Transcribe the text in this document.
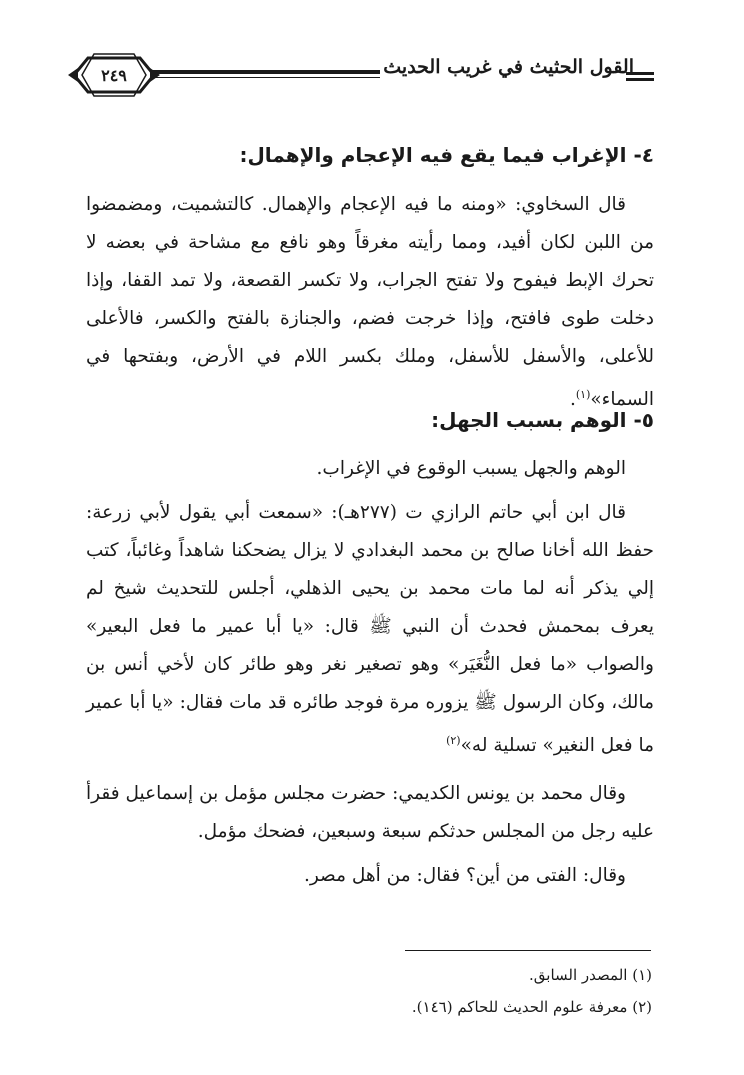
القول الحثيث في غريب الحديث
٢٤٩
٤- الإغراب فيما يقع فيه الإعجام والإهمال:

قال السخاوي: «ومنه ما فيه الإعجام والإهمال. كالتشميت، ومضمضوا من اللبن لكان أفيد، ومما رأيته مغرقاً وهو نافع مع مشاحة في بعضه لا تحرك الإبط فيفوح ولا تفتح الجراب، ولا تكسر القصعة، ولا تمد القفا، وإذا دخلت طوى فافتح، وإذا خرجت فضم، والجنازة بالفتح والكسر، فالأعلى للأعلى، والأسفل للأسفل، وملك بكسر اللام في الأرض، وبفتحها في السماء»$^{(١)}$.

٥- الوهم بسبب الجهل:

الوهم والجهل يسبب الوقوع في الإغراب.

قال ابن أبي حاتم الرازي ت (٢٧٧هـ): «سمعت أبي يقول لأبي زرعة: حفظ الله أخانا صالح بن محمد البغدادي لا يزال يضحكنا شاهداً وغائباً، كتب إلي يذكر أنه لما مات محمد بن يحيى الذهلي، أجلس للتحديث شيخ لم يعرف بمحمش فحدث أن النبي ﷺ قال: «يا أبا عمير ما فعل البعير» والصواب «ما فعل النُّغَيَر» وهو تصغير نغر وهو طائر كان لأخي أنس بن مالك، وكان الرسول ﷺ يزوره مرة فوجد طائره قد مات فقال: «يا أبا عمير ما فعل النغير» تسلية له»$^{(٢)}$

وقال محمد بن يونس الكديمي: حضرت مجلس مؤمل بن إسماعيل فقرأ عليه رجل من المجلس حدثكم سبعة وسبعين، فضحك مؤمل.

وقال: الفتى من أين؟ فقال: من أهل مصر.

(١) المصدر السابق.
(٢) معرفة علوم الحديث للحاكم (١٤٦).
